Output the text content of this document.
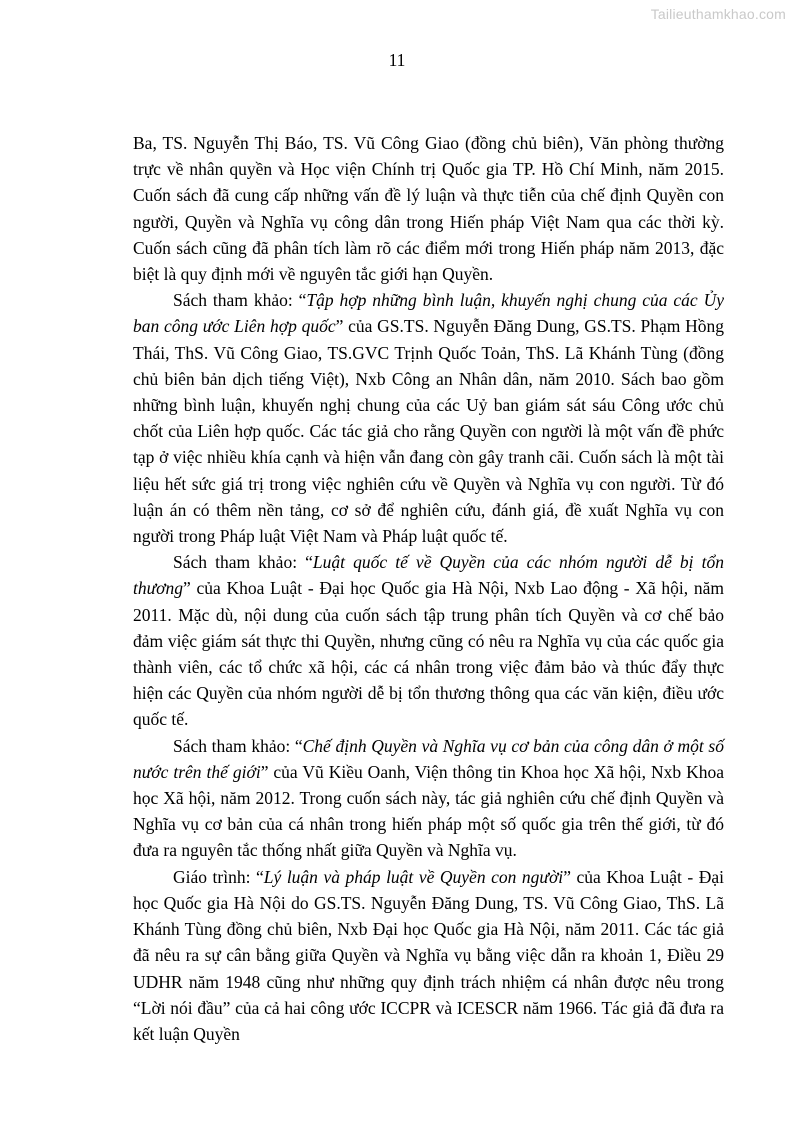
Tailieuthamkhao.com
11

Ba, TS. Nguyễn Thị Báo, TS. Vũ Công Giao (đồng chủ biên), Văn phòng thường trực về nhân quyền và Học viện Chính trị Quốc gia TP. Hồ Chí Minh, năm 2015. Cuốn sách đã cung cấp những vấn đề lý luận và thực tiễn của chế định Quyền con người, Quyền và Nghĩa vụ công dân trong Hiến pháp Việt Nam qua các thời kỳ. Cuốn sách cũng đã phân tích làm rõ các điểm mới trong Hiến pháp năm 2013, đặc biệt là quy định mới về nguyên tắc giới hạn Quyền.

Sách tham khảo: “Tập hợp những bình luận, khuyến nghị chung của các Ủy ban công ước Liên hợp quốc” của GS.TS. Nguyễn Đăng Dung, GS.TS. Phạm Hồng Thái, ThS. Vũ Công Giao, TS.GVC Trịnh Quốc Toản, ThS. Lã Khánh Tùng (đồng chủ biên bản dịch tiếng Việt), Nxb Công an Nhân dân, năm 2010. Sách bao gồm những bình luận, khuyến nghị chung của các Uỷ ban giám sát sáu Công ước chủ chốt của Liên hợp quốc. Các tác giả cho rằng Quyền con người là một vấn đề phức tạp ở việc nhiều khía cạnh và hiện vẫn đang còn gây tranh cãi. Cuốn sách là một tài liệu hết sức giá trị trong việc nghiên cứu về Quyền và Nghĩa vụ con người. Từ đó luận án có thêm nền tảng, cơ sở để nghiên cứu, đánh giá, đề xuất Nghĩa vụ con người trong Pháp luật Việt Nam và Pháp luật quốc tế.

Sách tham khảo: “Luật quốc tế về Quyền của các nhóm người dễ bị tổn thương” của Khoa Luật - Đại học Quốc gia Hà Nội, Nxb Lao động - Xã hội, năm 2011. Mặc dù, nội dung của cuốn sách tập trung phân tích Quyền và cơ chế bảo đảm việc giám sát thực thi Quyền, nhưng cũng có nêu ra Nghĩa vụ của các quốc gia thành viên, các tổ chức xã hội, các cá nhân trong việc đảm bảo và thúc đẩy thực hiện các Quyền của nhóm người dễ bị tổn thương thông qua các văn kiện, điều ước quốc tế.

Sách tham khảo: “Chế định Quyền và Nghĩa vụ cơ bản của công dân ở một số nước trên thế giới” của Vũ Kiều Oanh, Viện thông tin Khoa học Xã hội, Nxb Khoa học Xã hội, năm 2012. Trong cuốn sách này, tác giả nghiên cứu chế định Quyền và Nghĩa vụ cơ bản của cá nhân trong hiến pháp một số quốc gia trên thế giới, từ đó đưa ra nguyên tắc thống nhất giữa Quyền và Nghĩa vụ.

Giáo trình: “Lý luận và pháp luật về Quyền con người” của Khoa Luật - Đại học Quốc gia Hà Nội do GS.TS. Nguyễn Đăng Dung, TS. Vũ Công Giao, ThS. Lã Khánh Tùng đồng chủ biên, Nxb Đại học Quốc gia Hà Nội, năm 2011. Các tác giả đã nêu ra sự cân bằng giữa Quyền và Nghĩa vụ bằng việc dẫn ra khoản 1, Điều 29 UDHR năm 1948 cũng như những quy định trách nhiệm cá nhân được nêu trong “Lời nói đầu” của cả hai công ước ICCPR và ICESCR năm 1966. Tác giả đã đưa ra kết luận Quyền
